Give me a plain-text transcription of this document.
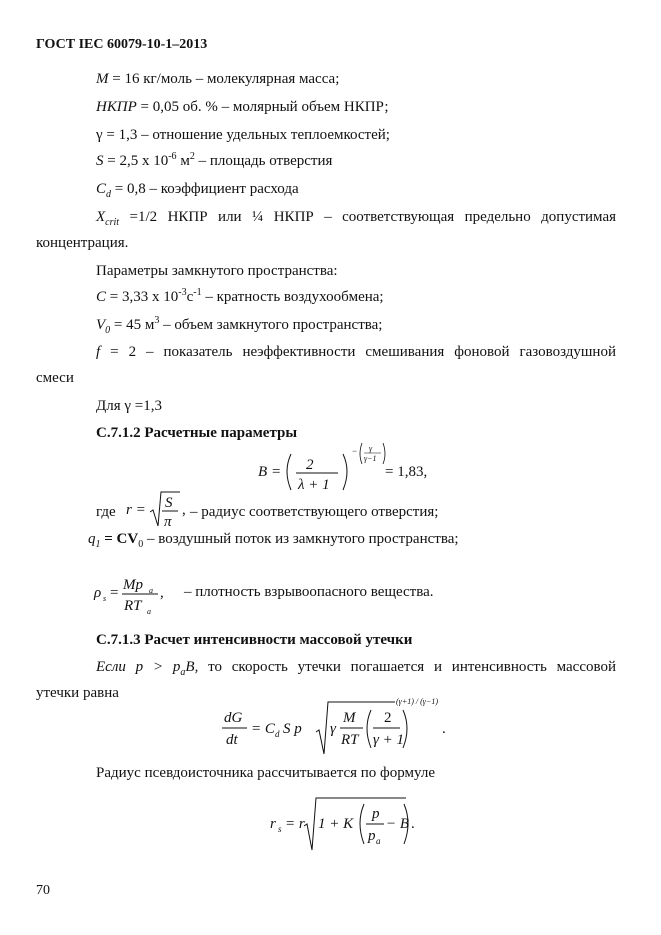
ГОСТ IEC 60079-10-1–2013
M = 16 кг/моль – молекулярная масса;
НКПР = 0,05 об. % – молярный объем НКПР;
γ = 1,3 – отношение удельных теплоемкостей;
S = 2,5 x $10^{-6}$ $м^2$ – площадь отверстия
$C_d = 0,8$ – коэффициент расхода
$X_{crit} =1/2$ НКПР или ¼ НКПР – соответствующая предельно допустимая
концентрация.
Параметры замкнутого пространства:
C = 3,33 x $10^{-3}с^{-1}$ – кратность воздухообмена;
$V_0 = 45$ $м^3$ – объем замкнутого пространства;
f = 2 – показатель неэффективности смешивания фоновой газовоздушной
смеси
Для γ =1,3
С.7.1.2 Расчетные параметры
B = 2
λ + 1
− γ
γ−1
= 1,83,
где r = S
π
, – радиус соответствующего отверстия;
$q_1 = CV_0$ – воздушный поток из замкнутого пространства;
ρ s = Mp a
RT a
, – плотность взрывоопасного вещества.
С.7.1.3 Расчет интенсивности массовой утечки
Если $p > p_aB$, то скорость утечки погашается и интенсивность массовой
утечки равна
dG
dt
= C d S p γ
M
RT
2
γ + 1
(γ+1) / (γ−1)
.
Радиус псевдоисточника рассчитывается по формуле
r s = r 1 + K
p
p a
− B .
70
